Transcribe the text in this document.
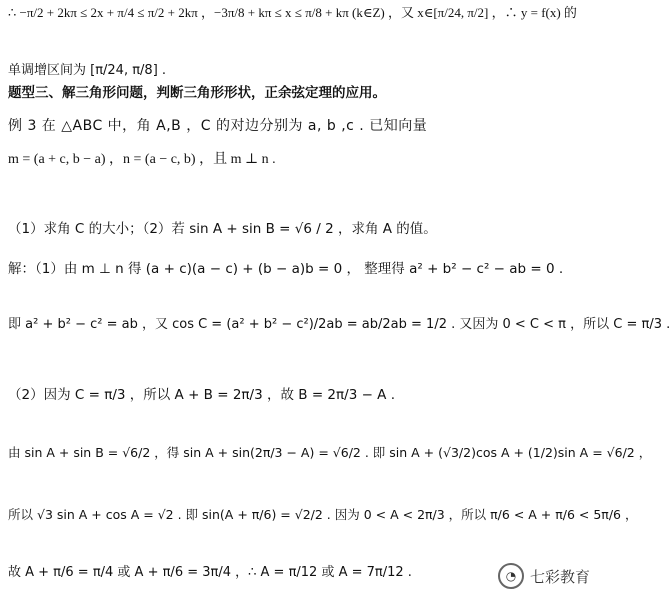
∴ −π/2 + 2kπ ≤ 2x + π/4 ≤ π/2 + 2kπ ，−3π/8 + kπ ≤ x ≤ π/8 + kπ (k∈Z) ，又 x∈[π/24, π/2] ，∴ y = f(x) 的
单调增区间为 [π/24, π/8] .
题型三、解三角形问题，判断三角形形状，正余弦定理的应用。
例 3 在 △ABC 中，角 A,B ，C 的对边分别为 a, b ,c . 已知向量
m = (a + c, b − a) ，n = (a − c, b) ，且 m ⊥ n .
（1）求角 C 的大小；（2）若 sin A + sin B = √6 / 2 ，求角 A 的值。
解：（1）由 m ⊥ n 得 (a + c)(a − c) + (b − a)b = 0 ， 整理得 a² + b² − c² − ab = 0 .
即 a² + b² − c² = ab ，又 cos C = (a² + b² − c²)/2ab = ab/2ab = 1/2 . 又因为 0 < C < π ，所以 C = π/3 .
（2）因为 C = π/3 ，所以 A + B = 2π/3 ，故 B = 2π/3 − A .
由 sin A + sin B = √6/2 ，得 sin A + sin(2π/3 − A) = √6/2 . 即 sin A + (√3/2)cos A + (1/2)sin A = √6/2 ，
所以 √3 sin A + cos A = √2 . 即 sin(A + π/6) = √2/2 . 因为 0 < A < 2π/3 ，所以 π/6 < A + π/6 < 5π/6 ，
故 A + π/6 = π/4 或 A + π/6 = 3π/4 ，∴ A = π/12 或 A = 7π/12 .	◔ 七彩教育
